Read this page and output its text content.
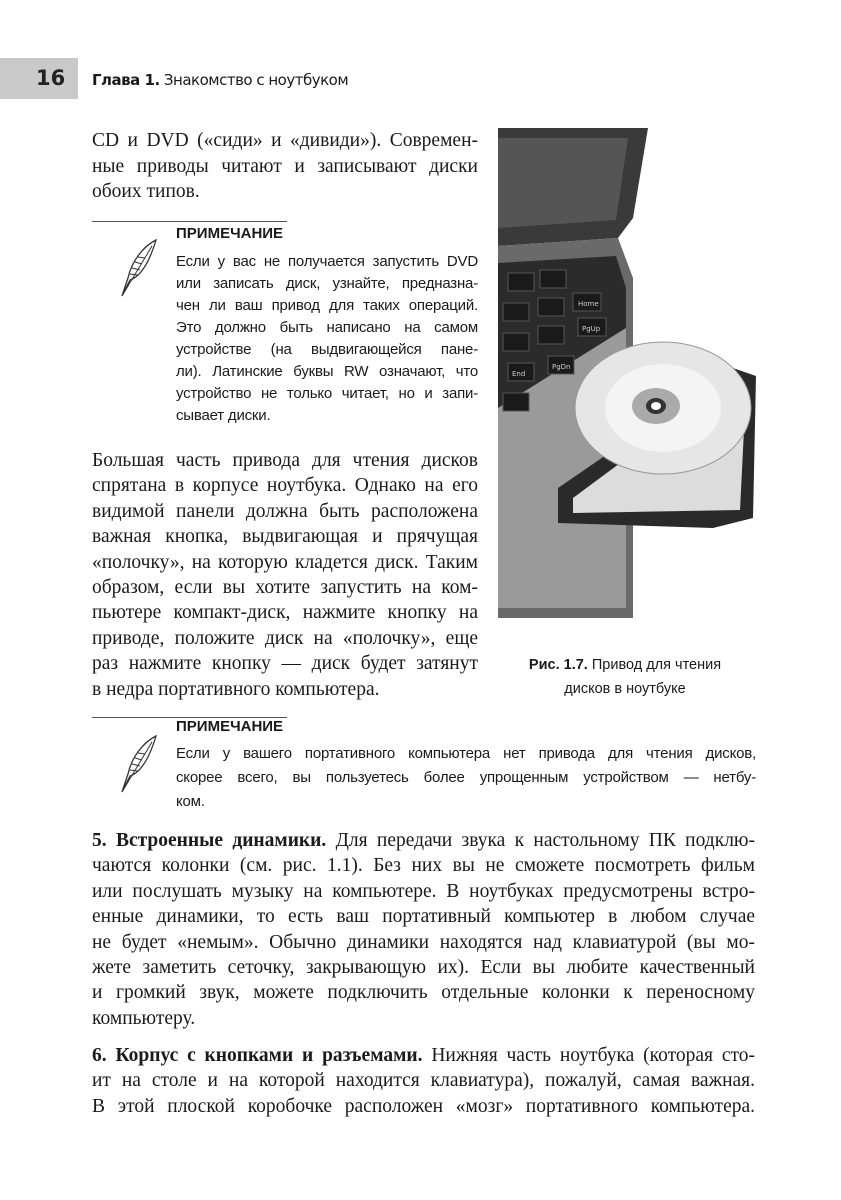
16 Глава 1. Знакомство с ноутбуком
CD и DVD («сиди» и «дивиди»). Современ-
ные приводы читают и записывают диски
обоих типов.
ПРИМЕЧАНИЕ
Если у вас не получается запустить DVD
или записать диск, узнайте, предназна-
чен ли ваш привод для таких операций.
Это должно быть написано на самом
устройстве (на выдвигающейся пане-
ли). Латинские буквы RW означают, что
устройство не только читает, но и запи-
сывает диски.
Большая часть привода для чтения дисков
спрятана в корпусе ноутбука. Однако на его
видимой панели должна быть расположена
важная кнопка, выдвигающая и прячущая
«полочку», на которую кладется диск. Таким
образом, если вы хотите запустить на ком-
пьютере компакт-диск, нажмите кнопку на
приводе, положите диск на «полочку», еще
раз нажмите кнопку — диск будет затянут
в недра портативного компьютера.
Home
PgUp
PgDn
End
Рис. 1.7. Привод для чтения
дисков в ноутбуке
ПРИМЕЧАНИЕ
Если у вашего портативного компьютера нет привода для чтения дисков,
скорее всего, вы пользуетесь более упрощенным устройством — нетбу-
ком.
5. Встроенные динамики. Для передачи звука к настольному ПК подклю-
чаются колонки (см. рис. 1.1). Без них вы не сможете посмотреть фильм
или послушать музыку на компьютере. В ноутбуках предусмотрены встро-
енные динамики, то есть ваш портативный компьютер в любом случае
не будет «немым». Обычно динамики находятся над клавиатурой (вы мо-
жете заметить сеточку, закрывающую их). Если вы любите качественный
и громкий звук, можете подключить отдельные колонки к переносному
компьютеру.
6. Корпус с кнопками и разъемами. Нижняя часть ноутбука (которая сто-
ит на столе и на которой находится клавиатура), пожалуй, самая важная.
В этой плоской коробочке расположен «мозг» портативного компьютера.
